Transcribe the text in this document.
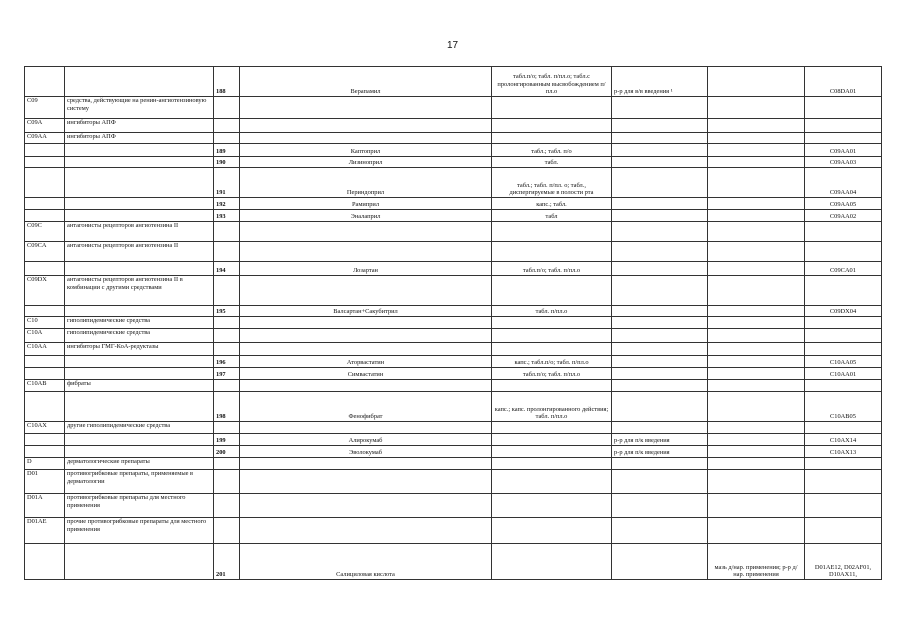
17
		188	Верапамил	табл.п/о; табл. п/пл.о; табл.с пролонгированным высвобождением п/пл.о	р-р для в/в введения ¹		C08DA01
C09	средства, действующие на ренин-ангиотензиновую систему						
C09A	ингибиторы АПФ						
C09AA	ингибиторы АПФ						
		189	Каптоприл	табл.; табл. п/о			C09AA01
		190	Лизиноприл	табл.			C09AA03
		191	Периндоприл	табл.; табл. п/пл. о; табл., диспергируемые в полости рта			C09AA04
		192	Рамиприл	капс.; табл.			C09AA05
		193	Эналаприл	табл			C09AA02
C09C	антагонисты рецепторов ангиотензина II						
C09CA	антагонисты рецепторов ангиотензина II						
		194	Лозартан	табл.п/о; табл. п/пл.о			C09CA01
C09DX	антагонисты рецепторов ангиотензина II в комбинации с другими средствами						
		195	Валсартан+Сакубитрил	табл. п/пл.о			C09DX04
C10	гиполипидемические средства						
C10A	гиполипидемические средства						
C10AA	ингибиторы ГМГ-КоА-редуктазы						
		196	Аторвастатин	капс.; табл.п/о; табл. п/пл.о			C10AA05
		197	Симвастатин	табл.п/о; табл. п/пл.о			C10AA01
C10AB	фибраты						
		198	Фенофибрат	капс.; капс. пролонгированного действия; табл. п/пл.о			C10AB05
C10AX	другие гиполипидемические средства						
		199	Алирокумаб		р-р для п/к введения		C10AX14
		200	Эволокумаб		р-р для п/к введения		C10AX13
D	дерматологические препараты						
D01	противогрибковые препараты, применяемые в дерматологии						
D01A	противогрибковые препараты для местного применения						
D01AE	прочие противогрибковые препараты для местного применения						
		201	Салициловая кислота			мазь д/нар. применения; р-р д/нар. применения	D01AE12, D02AF01, D10AX11,
